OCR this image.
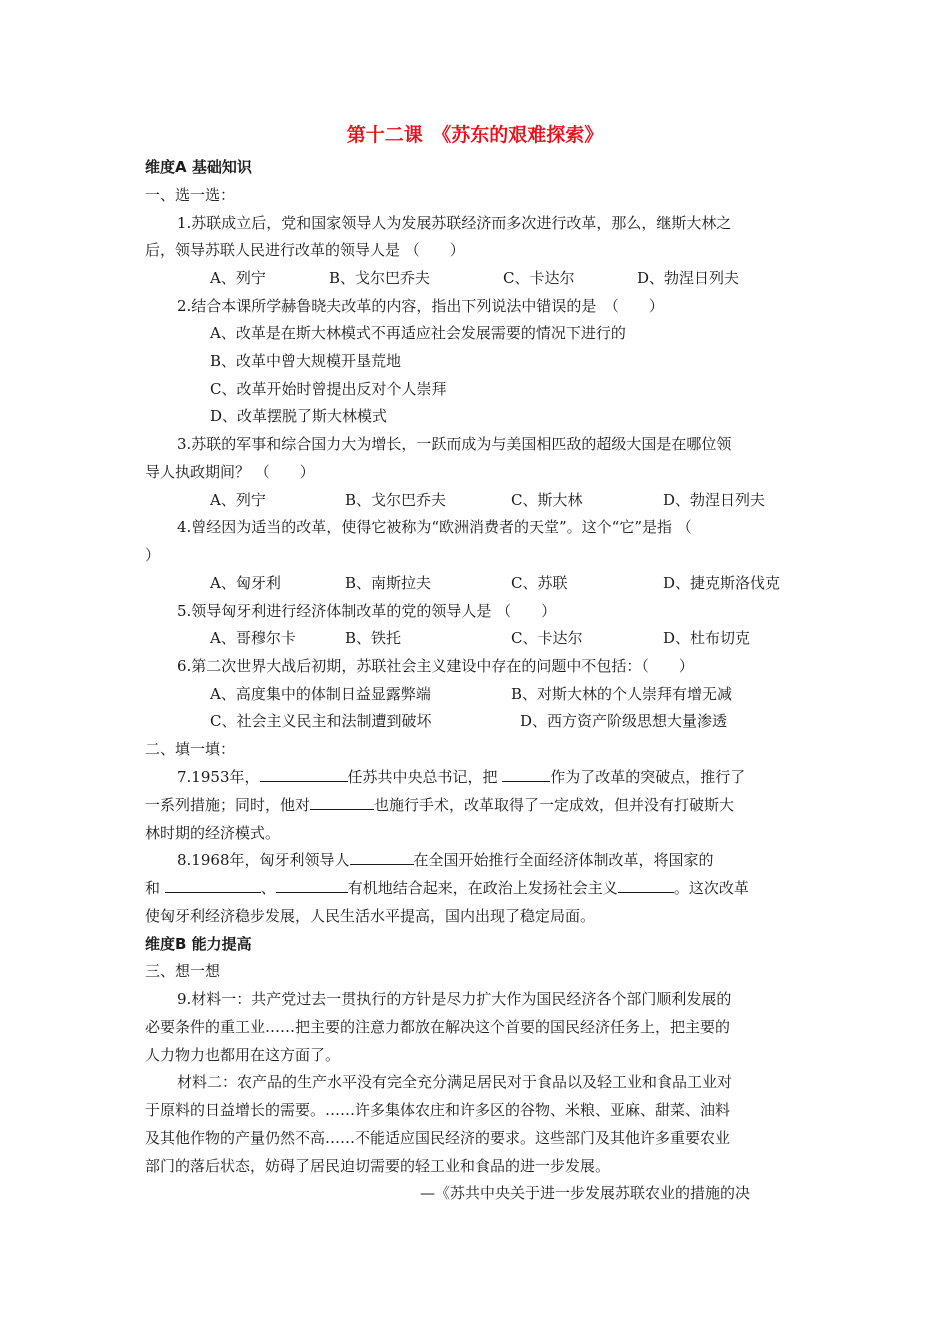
第十二课　《苏东的艰难探索》
维度A 基础知识
一、选一选：
1.苏联成立后，党和国家领导人为发展苏联经济而多次进行改革，那么，继斯大林之
后，领导苏联人民进行改革的领导人是 （　　）
A、列宁	B、戈尔巴乔夫	C、卡达尔	D、勃涅日列夫
2.结合本课所学赫鲁晓夫改革的内容，指出下列说法中错误的是　（　　）
A、改革是在斯大林模式不再适应社会发展需要的情况下进行的
B、改革中曾大规模开垦荒地
C、改革开始时曾提出反对个人崇拜
D、改革摆脱了斯大林模式
3.苏联的军事和综合国力大为增长，一跃而成为与美国相匹敌的超级大国是在哪位领
导人执政期间？ （　　）
A、列宁	B、戈尔巴乔夫	C、斯大林	D、勃涅日列夫
4.曾经因为适当的改革，使得它被称为“欧洲消费者的天堂”。这个“它”是指 （
）
A、匈牙利	B、南斯拉夫	C、苏联	D、捷克斯洛伐克
5.领导匈牙利进行经济体制改革的党的领导人是 （　　）
A、哥穆尔卡	B、铁托	C、卡达尔	D、杜布切克
6.第二次世界大战后初期，苏联社会主义建设中存在的问题中不包括：（　　）
A、高度集中的体制日益显露弊端	B、对斯大林的个人崇拜有增无减
C、社会主义民主和法制遭到破坏	D、西方资产阶级思想大量渗透
二、填一填：
7.1953年，	任苏共中央总书记，把	作为了改革的突破点，推行了
一系列措施；同时，他对	也施行手术，改革取得了一定成效，但并没有打破斯大
林时期的经济模式。
8.1968年，匈牙利领导人	在全国开始推行全面经济体制改革，将国家的
和	、	有机地结合起来，在政治上发扬社会主义	。这次改革
使匈牙利经济稳步发展，人民生活水平提高，国内出现了稳定局面。
维度B 能力提高
三、想一想
9.材料一：共产党过去一贯执行的方针是尽力扩大作为国民经济各个部门顺利发展的
必要条件的重工业……把主要的注意力都放在解决这个首要的国民经济任务上，把主要的
人力物力也都用在这方面了。
材料二：农产品的生产水平没有完全充分满足居民对于食品以及轻工业和食品工业对
于原料的日益增长的需要。……许多集体农庄和许多区的谷物、米粮、亚麻、甜菜、油料
及其他作物的产量仍然不高……不能适应国民经济的要求。这些部门及其他许多重要农业
部门的落后状态，妨碍了居民迫切需要的轻工业和食品的进一步发展。
—《苏共中央关于进一步发展苏联农业的措施的决
